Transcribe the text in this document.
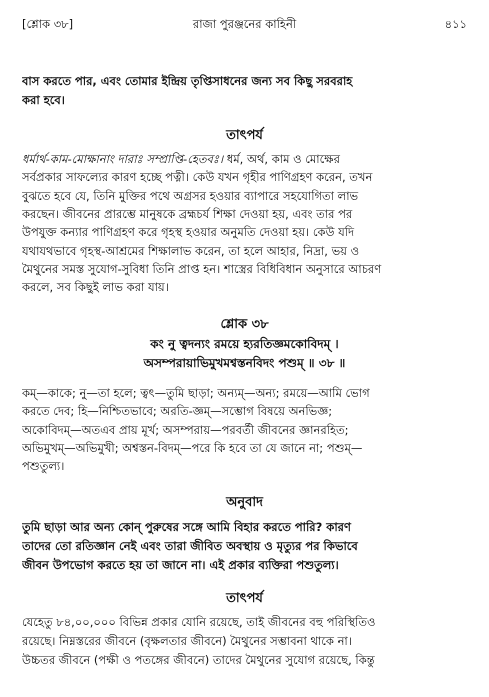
[শ্লোক ৩৮]	রাজা পুরঞ্জনের কাহিনী	৪১১
বাস করতে পার, এবং তোমার ইন্দ্রিয় তৃপ্তিসাধনের জন্য সব কিছু সরবরাহ
করা হবে।
তাৎপর্য
ধর্মার্থ-কাম-মোক্ষানাং দারাঃ সম্প্রাপ্তি-হেতবঃ। ধর্ম, অর্থ, কাম ও মোক্ষের
সর্বপ্রকার সাফল্যের কারণ হচ্ছে পত্নী। কেউ যখন গৃহীর পাণিগ্রহণ করেন, তখন
বুঝতে হবে যে, তিনি মুক্তির পথে অগ্রসর হওয়ার ব্যাপারে সহযোগিতা লাভ
করছেন। জীবনের প্রারম্ভে মানুষকে ব্রহ্মচর্য শিক্ষা দেওয়া হয়, এবং তার পর
উপযুক্ত কন্যার পাণিগ্রহণ করে গৃহস্থ হওয়ার অনুমতি দেওয়া হয়। কেউ যদি
যথাযথভাবে গৃহস্থ-আশ্রমের শিক্ষালাভ করেন, তা হলে আহার, নিদ্রা, ভয় ও
মৈথুনের সমস্ত সুযোগ-সুবিধা তিনি প্রাপ্ত হন। শাস্ত্রের বিধিবিধান অনুসারে আচরণ
করলে, সব কিছুই লাভ করা যায়।
শ্লোক ৩৮
কং নু ত্বদন্যং রময়ে হ্যরতিজ্ঞমকোবিদম্ ।
অসম্পরায়াভিমুখমশ্বস্তনবিদং পশুম্ ॥ ৩৮ ॥
কম্—কাকে; নু—তা হলে; ত্বৎ—তুমি ছাড়া; অন্যম্—অন্য; রময়ে—আমি ভোগ
করতে দেব; হি—নিশ্চিতভাবে; অরতি-জ্ঞম্—সম্ভোগ বিষয়ে অনভিজ্ঞ;
অকোবিদম্—অতএব প্রায় মূর্খ; অসম্পরায়—পরবর্তী জীবনের জ্ঞানরহিত;
অভিমুখম্—অভিমুখী; অশ্বস্তন-বিদম্—পরে কি হবে তা যে জানে না; পশুম্—
পশুতুল্য।
অনুবাদ
তুমি ছাড়া আর অন্য কোন্ পুরুষের সঙ্গে আমি বিহার করতে পারি? কারণ
তাদের তো রতিজ্ঞান নেই এবং তারা জীবিত অবস্থায় ও মৃত্যুর পর কিভাবে
জীবন উপভোগ করতে হয় তা জানে না। এই প্রকার ব্যক্তিরা পশুতুল্য।
তাৎপর্য
যেহেতু ৮৪,০০,০০০ বিভিন্ন প্রকার যোনি রয়েছে, তাই জীবনের বহু পরিস্থিতিও
রয়েছে। নিম্নস্তরের জীবনে (বৃক্ষলতার জীবনে) মৈথুনের সম্ভাবনা থাকে না।
উচ্চতর জীবনে (পক্ষী ও পতঙ্গের জীবনে) তাদের মৈথুনের সুযোগ রয়েছে, কিন্তু
